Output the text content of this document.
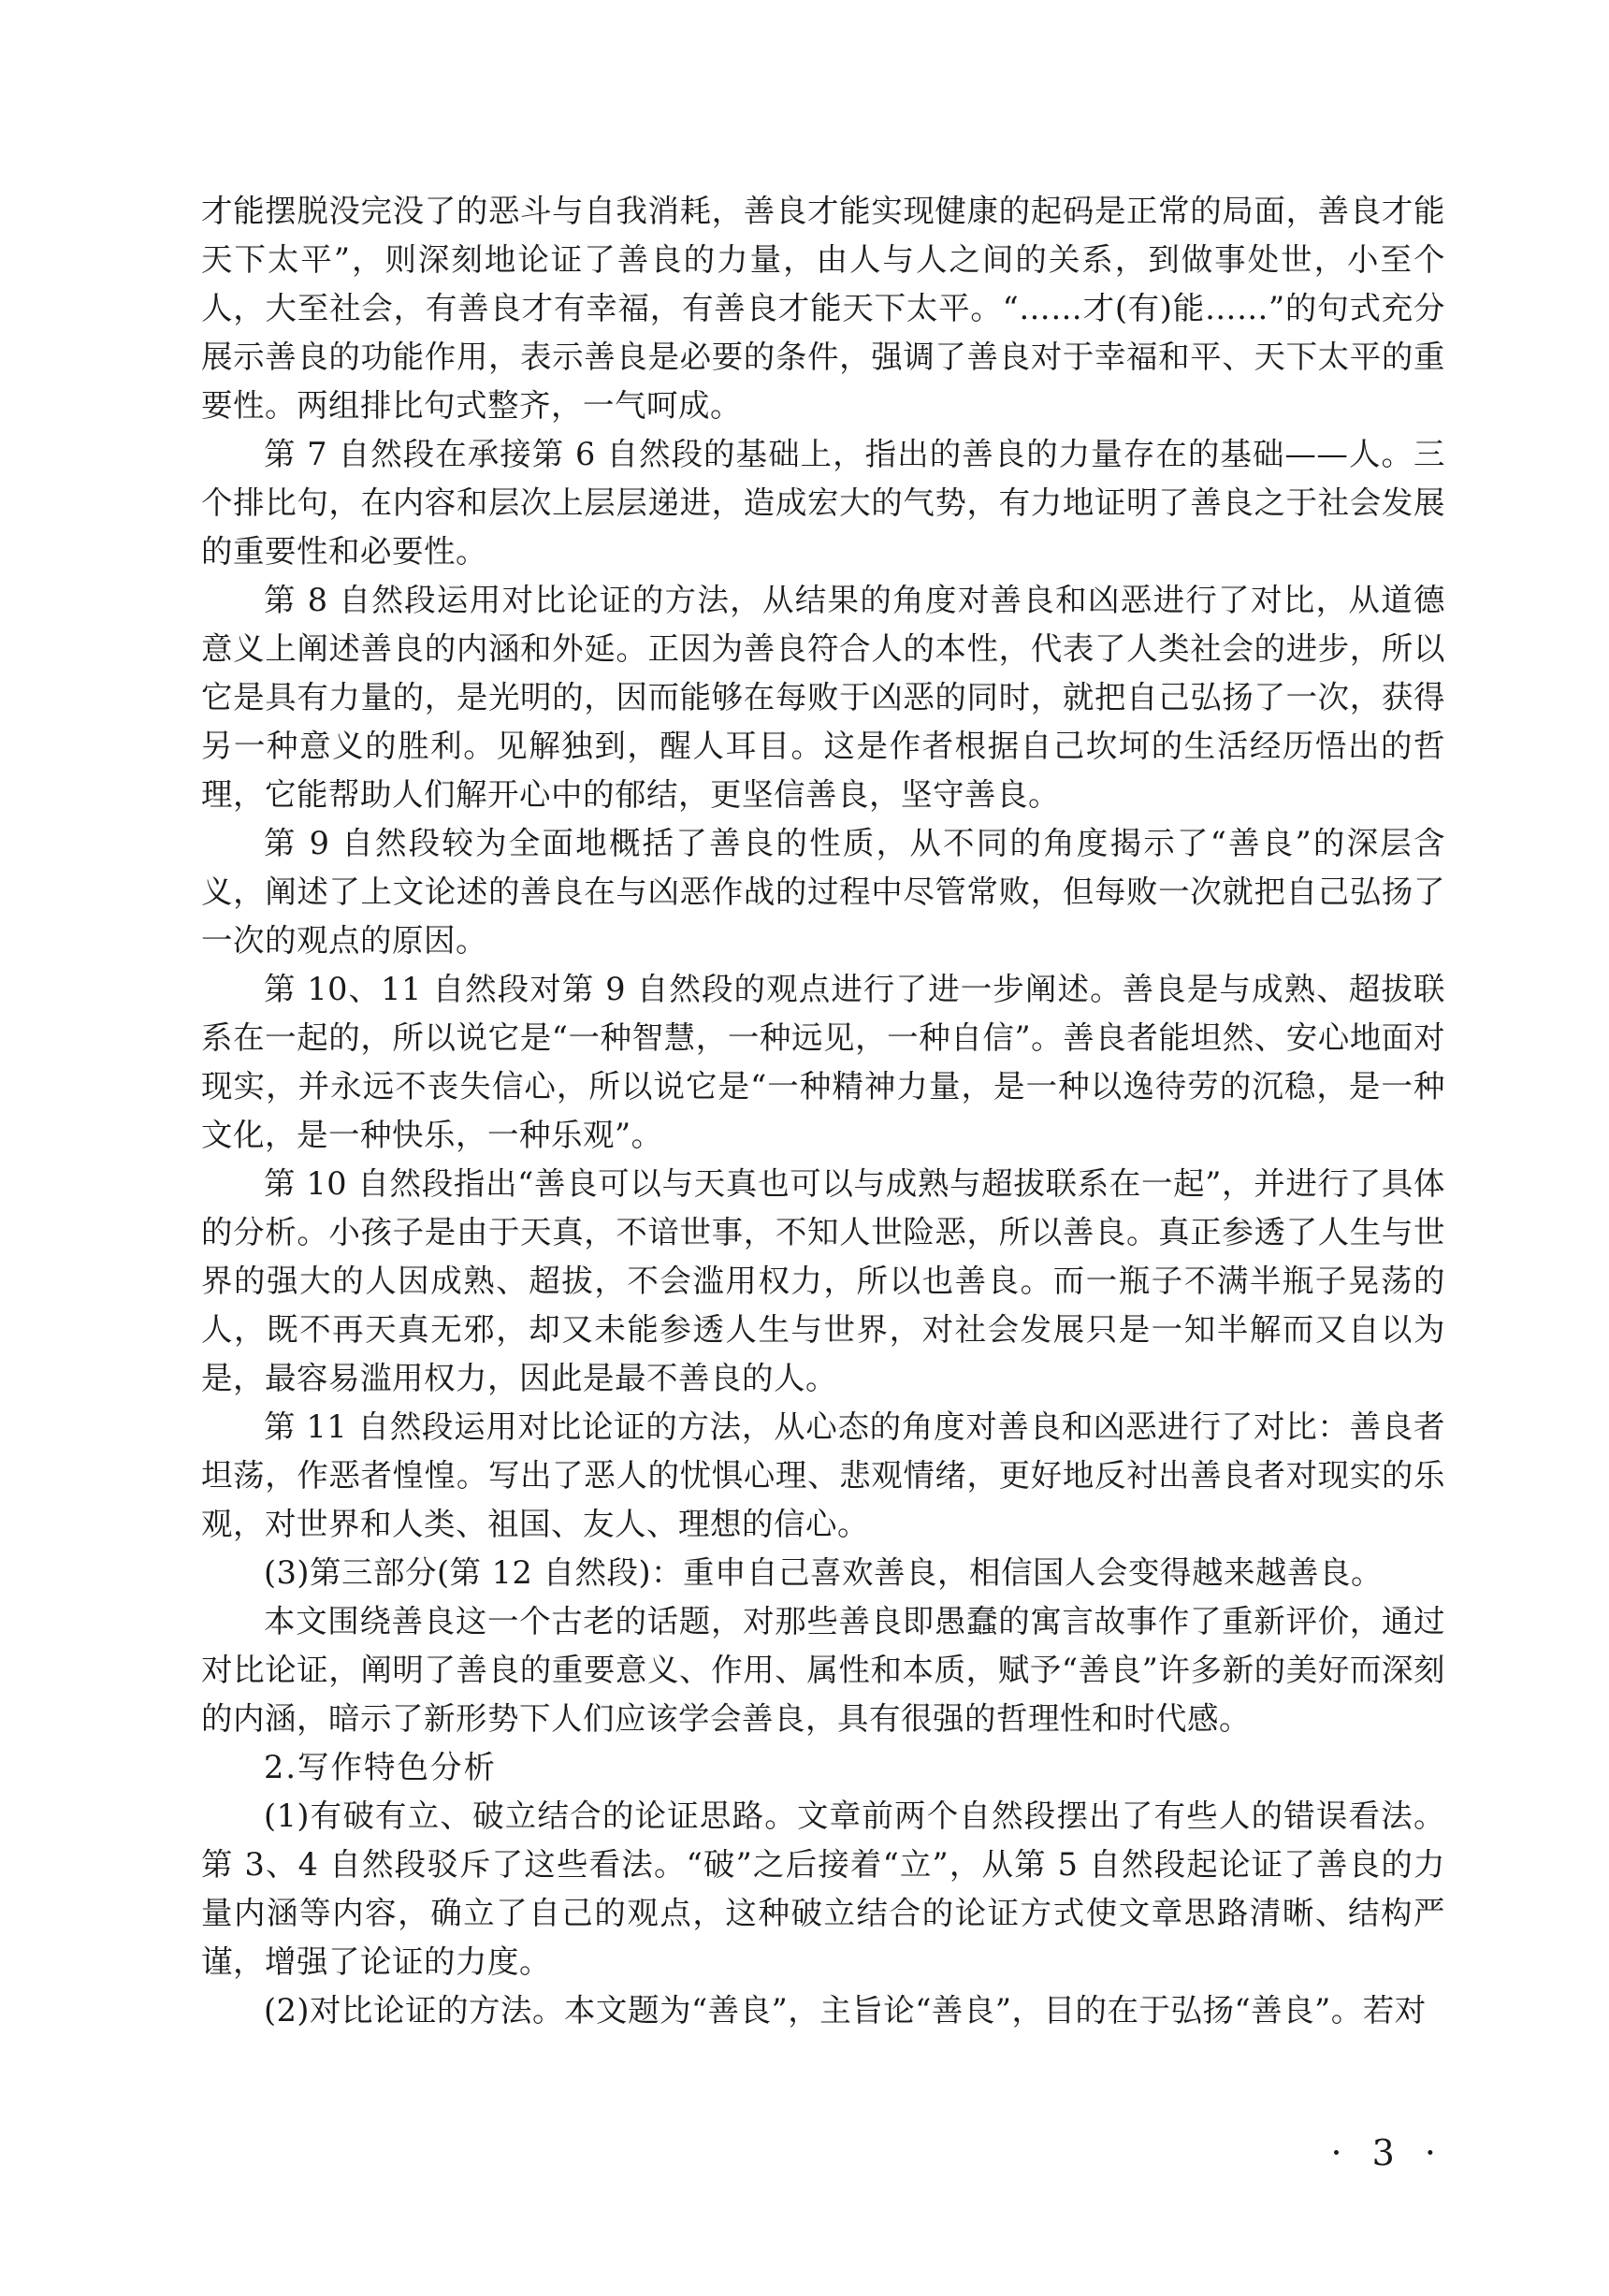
才能摆脱没完没了的恶斗与自我消耗，善良才能实现健康的起码是正常的局面，善良才能天下太平”，则深刻地论证了善良的力量，由人与人之间的关系，到做事处世，小至个人，大至社会，有善良才有幸福，有善良才能天下太平。“……才(有)能……”的句式充分展示善良的功能作用，表示善良是必要的条件，强调了善良对于幸福和平、天下太平的重要性。两组排比句式整齐，一气呵成。

第 7 自然段在承接第 6 自然段的基础上，指出的善良的力量存在的基础——人。三个排比句，在内容和层次上层层递进，造成宏大的气势，有力地证明了善良之于社会发展的重要性和必要性。

第 8 自然段运用对比论证的方法，从结果的角度对善良和凶恶进行了对比，从道德意义上阐述善良的内涵和外延。正因为善良符合人的本性，代表了人类社会的进步，所以它是具有力量的，是光明的，因而能够在每败于凶恶的同时，就把自己弘扬了一次，获得另一种意义的胜利。见解独到，醒人耳目。这是作者根据自己坎坷的生活经历悟出的哲理，它能帮助人们解开心中的郁结，更坚信善良，坚守善良。

第 9 自然段较为全面地概括了善良的性质，从不同的角度揭示了“善良”的深层含义，阐述了上文论述的善良在与凶恶作战的过程中尽管常败，但每败一次就把自己弘扬了一次的观点的原因。

第 10、11 自然段对第 9 自然段的观点进行了进一步阐述。善良是与成熟、超拔联系在一起的，所以说它是“一种智慧，一种远见，一种自信”。善良者能坦然、安心地面对现实，并永远不丧失信心，所以说它是“一种精神力量，是一种以逸待劳的沉稳，是一种文化，是一种快乐，一种乐观”。

第 10 自然段指出“善良可以与天真也可以与成熟与超拔联系在一起”，并进行了具体的分析。小孩子是由于天真，不谙世事，不知人世险恶，所以善良。真正参透了人生与世界的强大的人因成熟、超拔，不会滥用权力，所以也善良。而一瓶子不满半瓶子晃荡的人，既不再天真无邪，却又未能参透人生与世界，对社会发展只是一知半解而又自以为是，最容易滥用权力，因此是最不善良的人。

第 11 自然段运用对比论证的方法，从心态的角度对善良和凶恶进行了对比：善良者坦荡，作恶者惶惶。写出了恶人的忧惧心理、悲观情绪，更好地反衬出善良者对现实的乐观，对世界和人类、祖国、友人、理想的信心。

(3)第三部分(第 12 自然段)：重申自己喜欢善良，相信国人会变得越来越善良。

本文围绕善良这一个古老的话题，对那些善良即愚蠢的寓言故事作了重新评价，通过对比论证，阐明了善良的重要意义、作用、属性和本质，赋予“善良”许多新的美好而深刻的内涵，暗示了新形势下人们应该学会善良，具有很强的哲理性和时代感。

2.写作特色分析

(1)有破有立、破立结合的论证思路。文章前两个自然段摆出了有些人的错误看法。第 3、4 自然段驳斥了这些看法。“破”之后接着“立”，从第 5 自然段起论证了善良的力量内涵等内容，确立了自己的观点，这种破立结合的论证方式使文章思路清晰、结构严谨，增强了论证的力度。

(2)对比论证的方法。本文题为“善良”，主旨论“善良”，目的在于弘扬“善良”。若对

· 3 ·
